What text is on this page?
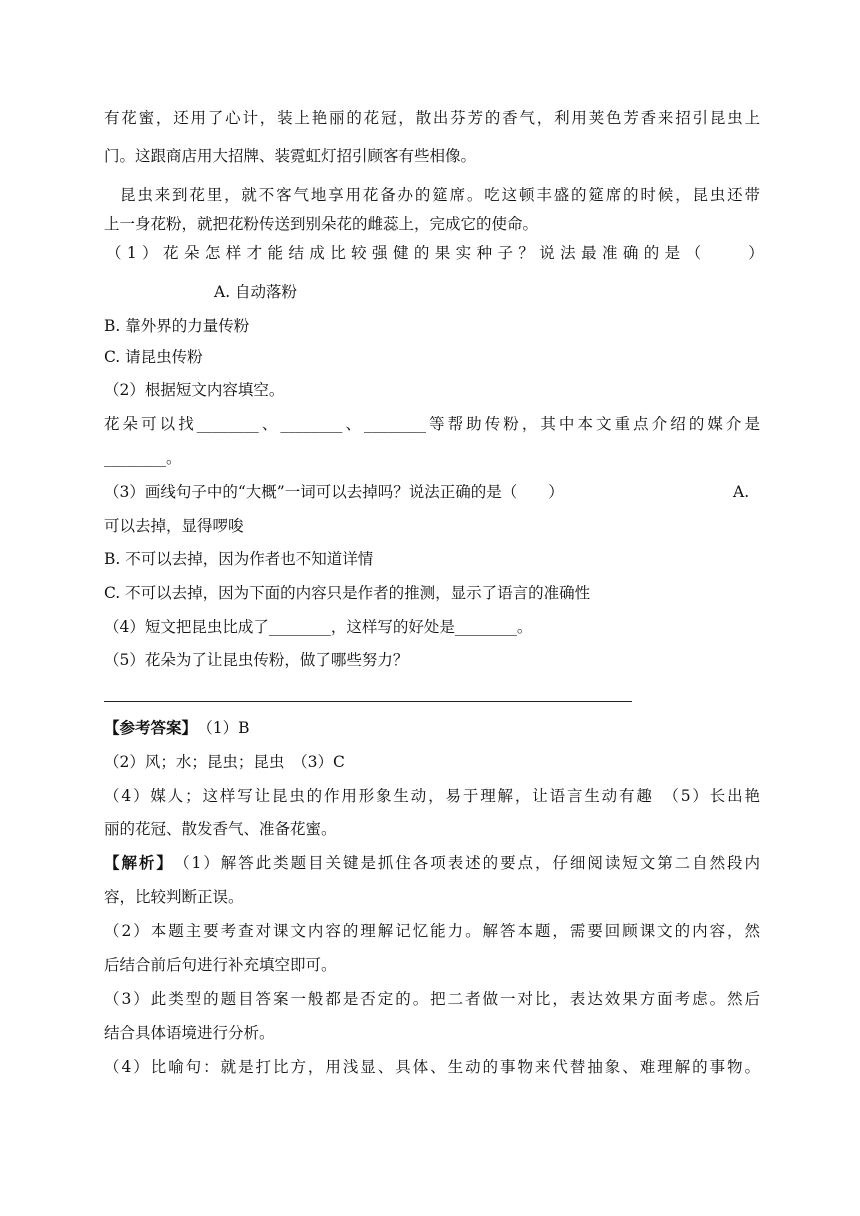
有花蜜，还用了心计，装上艳丽的花冠，散出芬芳的香气，利用荚色芳香来招引昆虫上
门。这跟商店用大招牌、装霓虹灯招引顾客有些相像。
昆虫来到花里，就不客气地享用花备办的筵席。吃这顿丰盛的筵席的时候，昆虫还带
上一身花粉，就把花粉传送到别朵花的雌蕊上，完成它的使命。
（1）花朵怎样才能结成比较强健的果实种子？说法最准确的是（　　）
A. 自动落粉
B. 靠外界的力量传粉
C. 请昆虫传粉
（2）根据短文内容填空。
花朵可以找________、________、________等帮助传粉，其中本文重点介绍的媒介是
________。
（3）画线句子中的“大概”一词可以去掉吗？说法正确的是（　　）	A.
可以去掉，显得啰唆
B. 不可以去掉，因为作者也不知道详情
C. 不可以去掉，因为下面的内容只是作者的推测，显示了语言的准确性
（4）短文把昆虫比成了________，这样写的好处是________。
（5）花朵为了让昆虫传粉，做了哪些努力？
【参考答案】 （1）B
（2）风；水；昆虫；昆虫　（3）C
（4）媒人；这样写让昆虫的作用形象生动，易于理解，让语言生动有趣　（5）长出艳
丽的花冠、散发香气、准备花蜜。
【解析】 （1）解答此类题目关键是抓住各项表述的要点，仔细阅读短文第二自然段内
容，比较判断正误。
（2）本题主要考查对课文内容的理解记忆能力。解答本题，需要回顾课文的内容，然
后结合前后句进行补充填空即可。
（3）此类型的题目答案一般都是否定的。把二者做一对比，表达效果方面考虑。然后
结合具体语境进行分析。
（4）比喻句：就是打比方，用浅显、具体、生动的事物来代替抽象、难理解的事物。
